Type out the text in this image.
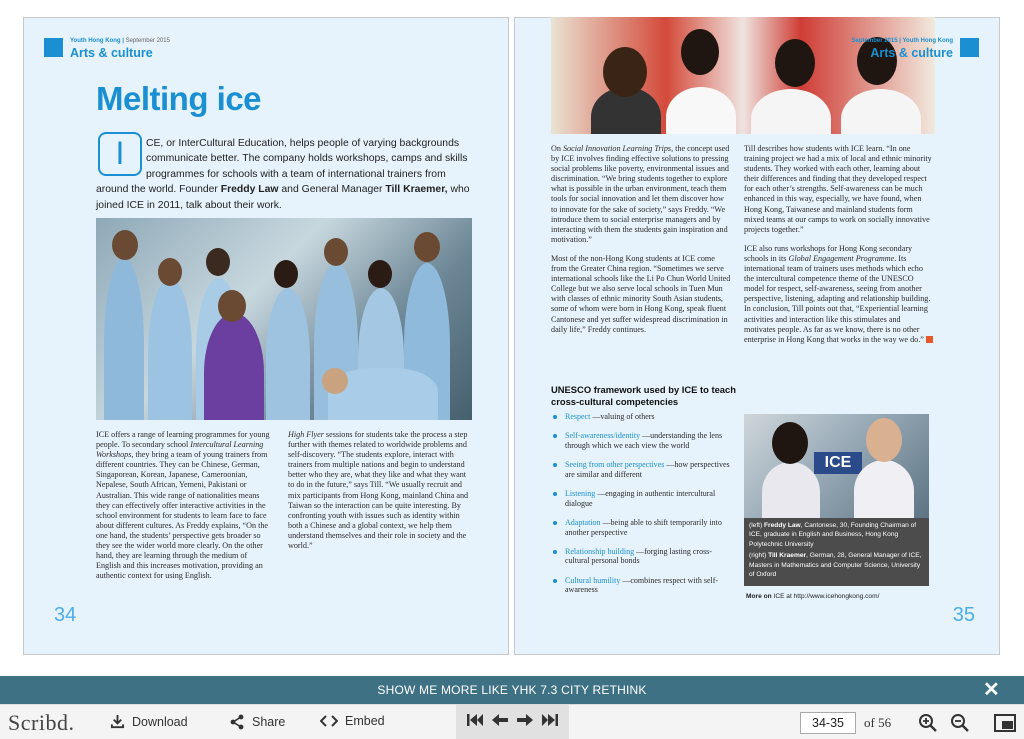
Youth Hong Kong | September 2015
Arts & culture
Melting ice
I	CE, or InterCultural Education, helps people of varying backgrounds
communicate better. The company holds workshops, camps and skills
programmes for schools with a team of international trainers from
around the world. Founder Freddy Law and General Manager Till Kraemer, who
joined ICE in 2011, talk about their work.

ICE offers a range of learning programmes for young people. To secondary school Intercultural Learning Workshops, they bring a team of young trainers from different countries. They can be Chinese, German, Singaporean, Korean, Japanese, Cameroonian, Nepalese, South African, Yemeni, Pakistani or Australian. This wide range of nationalities means they can effectively offer interactive activities in the school environment for students to learn face to face about different cultures. As Freddy explains, “On the one hand, the students’ perspective gets broader so they see the wider world more clearly. On the other hand, they are learning through the medium of English and this increases motivation, providing an authentic context for using English.

High Flyer sessions for students take the process a step further with themes related to worldwide problems and self-discovery. “The students explore, interact with trainers from multiple nations and begin to understand better who they are, what they like and what they want to do in the future,” says Till. “We usually recruit and mix participants from Hong Kong, mainland China and Taiwan so the interaction can be quite interesting. By confronting youth with issues such as identity within both a Chinese and a global context, we help them understand themselves and their role in society and the world.”

34
September 2015 | Youth Hong Kong
Arts & culture

On Social Innovation Learning Trips, the concept used by ICE involves finding effective solutions to pressing social problems like poverty, environmental issues and discrimination. “We bring students together to explore what is possible in the urban environment, teach them tools for social innovation and let them discover how to innovate for the sake of society,” says Freddy. “We introduce them to social enterprise managers and by interacting with them the students gain inspiration and motivation.”

Most of the non-Hong Kong students at ICE come from the Greater China region. “Sometimes we serve international schools like the Li Po Chun World United College but we also serve local schools in Tuen Mun with classes of ethnic minority South Asian students, some of whom were born in Hong Kong, speak fluent Cantonese and yet suffer widespread discrimination in daily life,” Freddy continues.

UNESCO framework used by ICE to teach cross-cultural competencies
Respect —valuing of others
Self-awareness/identity —understanding the lens through which we each view the world
Seeing from other perspectives —how perspectives are similar and different
Listening —engaging in authentic intercultural dialogue
Adaptation —being able to shift temporarily into another perspective
Relationship building —forging lasting cross-cultural personal bonds
Cultural humility —combines respect with self-awareness

Till describes how students with ICE learn. “In one training project we had a mix of local and ethnic minority students. They worked with each other, learning about their differences and finding that they developed respect for each other’s strengths. Self-awareness can be much enhanced in this way, especially, we have found, when Hong Kong, Taiwanese and mainland students form mixed teams at our camps to work on socially innovative projects together.”

ICE also runs workshops for Hong Kong secondary schools in its Global Engagement Programme. Its international team of trainers uses methods which echo the intercultural competence theme of the UNESCO model for respect, self-awareness, seeing from another perspective, listening, adapting and relationship building. In conclusion, Till points out that, “Experiential learning activities and interaction like this stimulates and motivates people. As far as we know, there is no other enterprise in Hong Kong that works in the way we do.”

ICE

(left) Freddy Law, Cantonese, 30, Founding Chairman of ICE, graduate in English and Business, Hong Kong Polytechnic University

(right) Till Kraemer, German, 28, General Manager of ICE, Masters in Mathematics and Computer Science, University of Oxford

More on ICE at http://www.icehongkong.com/
35
SHOW ME MORE LIKE YHK 7.3 CITY RETHINK	✕
Scribd.	Download	Share	Embed	34-35	of 56
